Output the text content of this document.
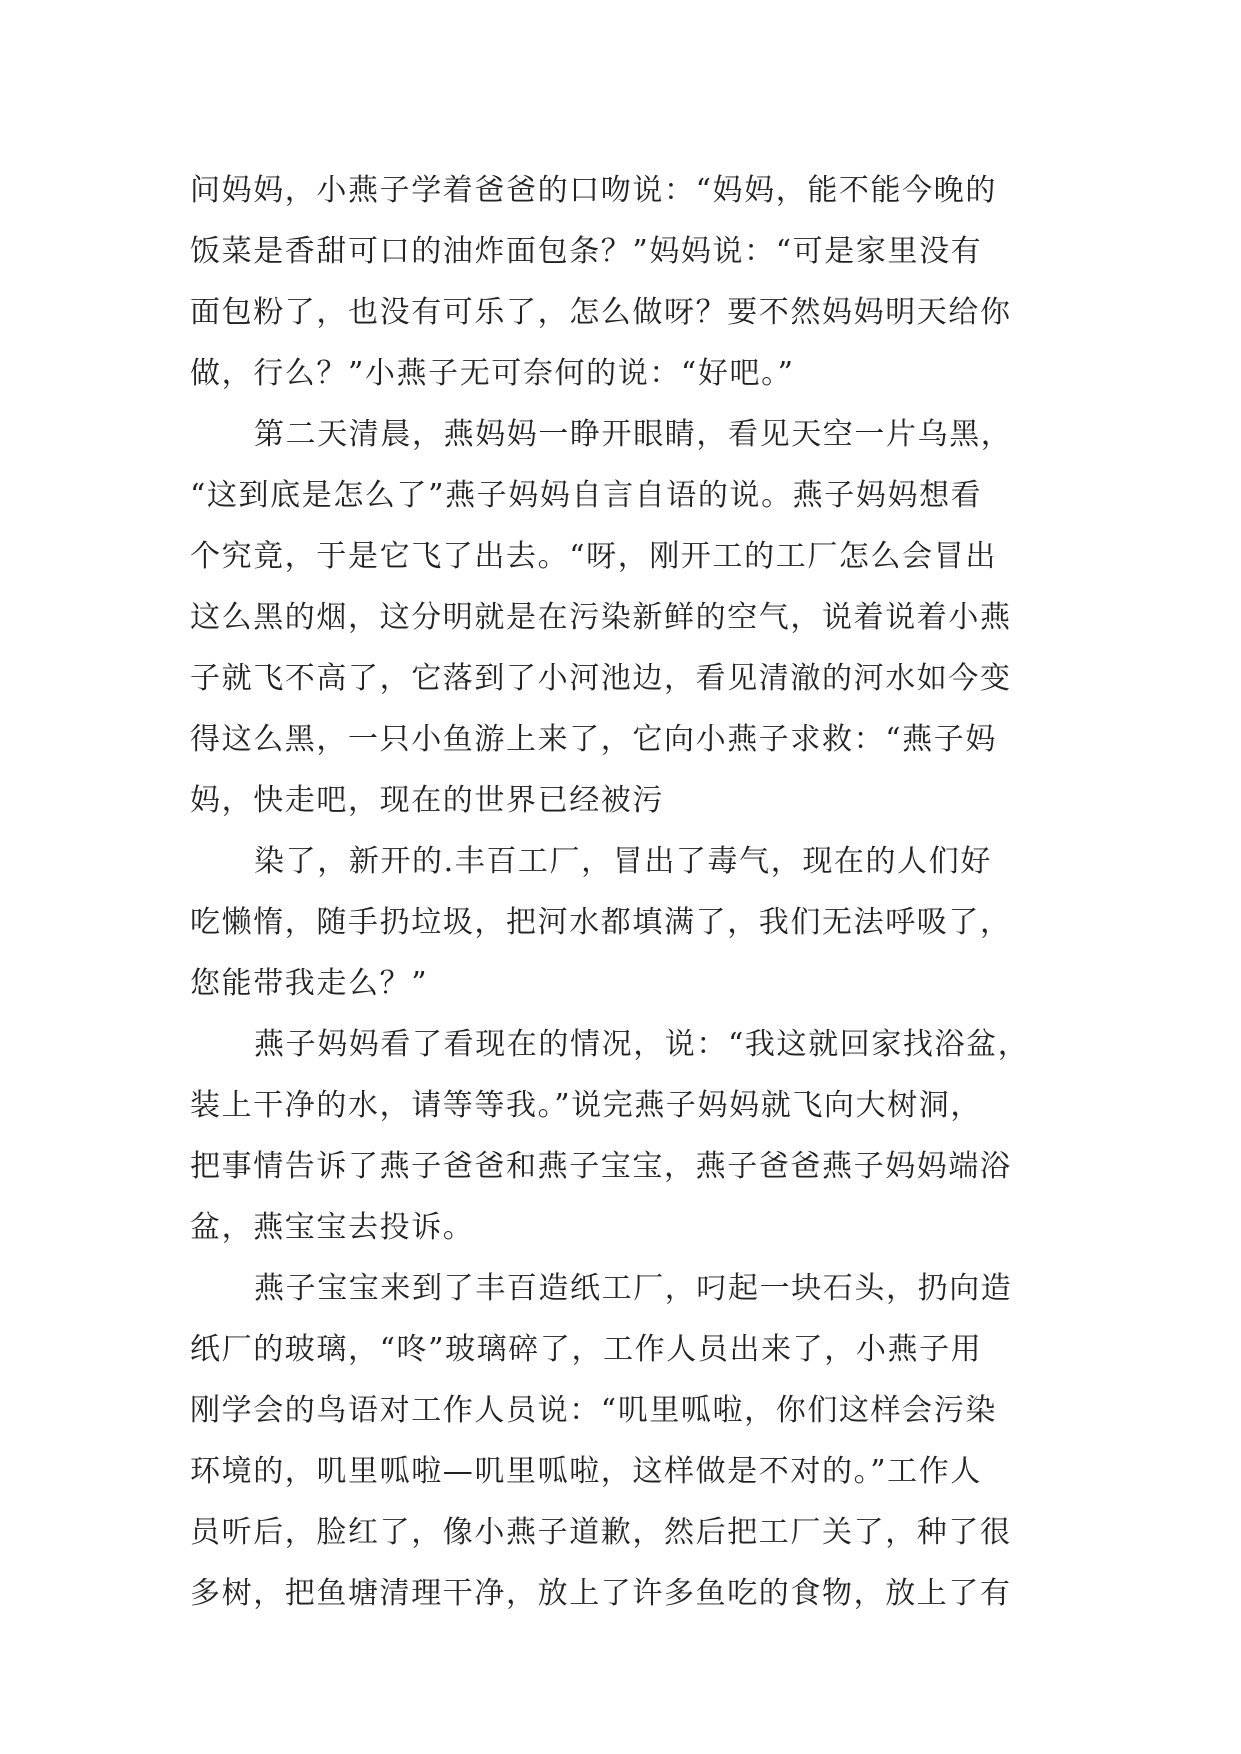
问妈妈，小燕子学着爸爸的口吻说：“妈妈，能不能今晚的
饭菜是香甜可口的油炸面包条？”妈妈说：“可是家里没有
面包粉了，也没有可乐了，怎么做呀？要不然妈妈明天给你
做，行么？”小燕子无可奈何的说：“好吧。”
第二天清晨，燕妈妈一睁开眼睛，看见天空一片乌黑，
“这到底是怎么了”燕子妈妈自言自语的说。燕子妈妈想看
个究竟，于是它飞了出去。“呀，刚开工的工厂怎么会冒出
这么黑的烟，这分明就是在污染新鲜的空气，说着说着小燕
子就飞不高了，它落到了小河池边，看见清澈的河水如今变
得这么黑，一只小鱼游上来了，它向小燕子求救：“燕子妈
妈，快走吧，现在的世界已经被污
染了，新开的.丰百工厂，冒出了毒气，现在的人们好
吃懒惰，随手扔垃圾，把河水都填满了，我们无法呼吸了，
您能带我走么？”
燕子妈妈看了看现在的情况，说：“我这就回家找浴盆，
装上干净的水，请等等我。”说完燕子妈妈就飞向大树洞，
把事情告诉了燕子爸爸和燕子宝宝，燕子爸爸燕子妈妈端浴
盆，燕宝宝去投诉。
燕子宝宝来到了丰百造纸工厂，叼起一块石头，扔向造
纸厂的玻璃，“咚”玻璃碎了，工作人员出来了，小燕子用
刚学会的鸟语对工作人员说：“叽里呱啦，你们这样会污染
环境的，叽里呱啦—叽里呱啦，这样做是不对的。”工作人
员听后，脸红了，像小燕子道歉，然后把工厂关了，种了很
多树，把鱼塘清理干净，放上了许多鱼吃的食物，放上了有
